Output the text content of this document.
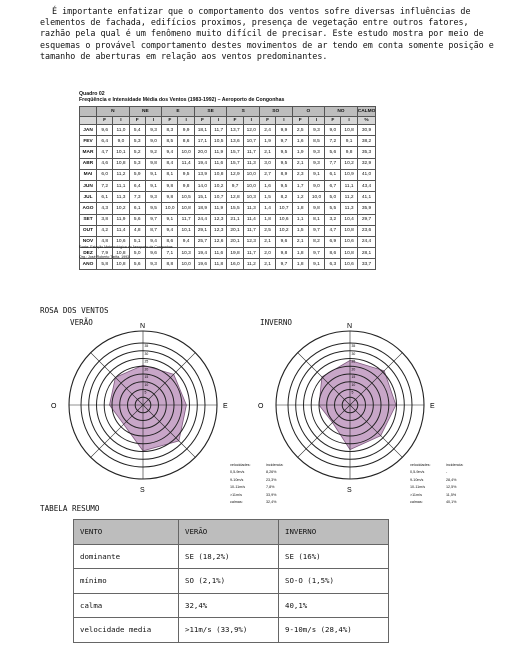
É importante enfatizar que o comportamento dos ventos sofre diversas influências de elementos de fachada, edifícios proximos, presença de vegetação entre outros fatores, razhão pela qual é um fenômeno muito difícil de precisar. Este estudo mostra por meio de esquemas o provável comportamento destes movimentos de ar tendo em conta somente posição e tamanho de aberturas em relação aos ventos predominantes.
Quadro 02
Freqüência e Intensidade Média dos Ventos (1983-1992) – Aeroporto de Congonhas
	N		NE		E		SE		S		SO		O		NO		CALMO
	F	I	F	I	F	I	F	I	F	I	F	I	F	I	F	I	%
JAN	9,6	11,0	5,4	9,3	8,3	9,9	18,1	11,7	13,7	12,0	2,4	9,9	2,5	9,3	9,0	10,8	30,9
FEV	6,4	9,0	5,3	9,0	8,5	8,6	17,1	10,5	13,6	10,7	1,9	9,7	1,6	8,5	7,2	9,1	38,2
MAR	4,7	10,1	5,2	9,2	9,4	10,0	20,0	11,9	15,7	11,7	2,1	9,5	1,9	9,3	5,6	9,8	35,3
ABR	4,6	10,8	5,3	9,8	8,4	11,4	19,4	11,6	15,7	11,3	3,0	9,5	2,1	9,3	7,7	10,2	32,9
MAI	6,0	11,2	5,9	9,1	8,1	9,5	13,9	10,8	12,9	10,0	2,7	8,9	2,3	9,1	6,1	10,9	41,0
JUN	7,2	11,1	6,4	9,1	9,8	9,8	14,0	10,2	9,7	10,0	1,6	9,5	1,7	9,0	6,7	11,1	43,4
JUL	6,1	11,3	7,3	9,3	9,8	10,5	15,1	10,7	12,8	10,3	1,5	8,2	1,2	10,0	5,0	11,2	41,1
AGO	4,3	10,2	6,1	9,5	10,0	10,8	18,9	11,9	15,5	11,3	1,4	10,7	1,8	9,8	5,5	11,3	35,9
SET	3,8	11,9	5,6	9,7	9,1	11,7	24,4	12,3	21,1	11,4	1,8	10,6	1,1	8,1	3,2	10,4	29,7
OUT	4,2	11,4	4,8	8,7	9,4	10,1	29,1	12,3	20,1	11,7	2,5	10,2	1,5	9,7	4,7	10,8	23,6
NOV	4,8	10,6	5,1	9,4	8,6	9,4	25,7	12,6	20,1	12,3	2,1	9,6	2,1	8,2	6,9	10,6	24,4
DEZ	7,9	10,8	5,0	9,6	7,1	10,3	19,4	11,6	19,8	11,7	2,0	9,8	1,8	9,7	8,6	10,8	28,1
ANO	5,8	10,8	5,6	9,3	8,8	10,0	19,6	11,8	16,0	11,2	2,1	9,7	1,8	9,1	6,3	10,6	33,7
Fonte: Estação Meteorológica do Aeroporto de Congonhas
Org.: José Roberto Tarifa, 1993.
ROSA DOS VENTOS
VERÃO	INVERNO
N
E
S
O
35
30
25
20
15
10
5
N
E
S
O
35
30
25
20
15
10
5
velocidades:	incidencia:
0,5-9m/s	8,26%
9-10m/s	23,3%
10-11m/s	7,8%
>11m/s	33,9%
calmas:	32,4%
velocidades:	incidencia:
0,5-9m/s	-
9-10m/s	28,4%
10-11m/s	12,5%
>11m/s	11,5%
calmas:	40,1%
TABELA RESUMO
VENTO	VERÃO	INVERNO
dominante	SE (18,2%)	SE (16%)
mínimo	SO (2,1%)	SO-O (1,5%)
calma	32,4%	40,1%
velocidade media	>11m/s (33,9%)	9-10m/s (28,4%)
